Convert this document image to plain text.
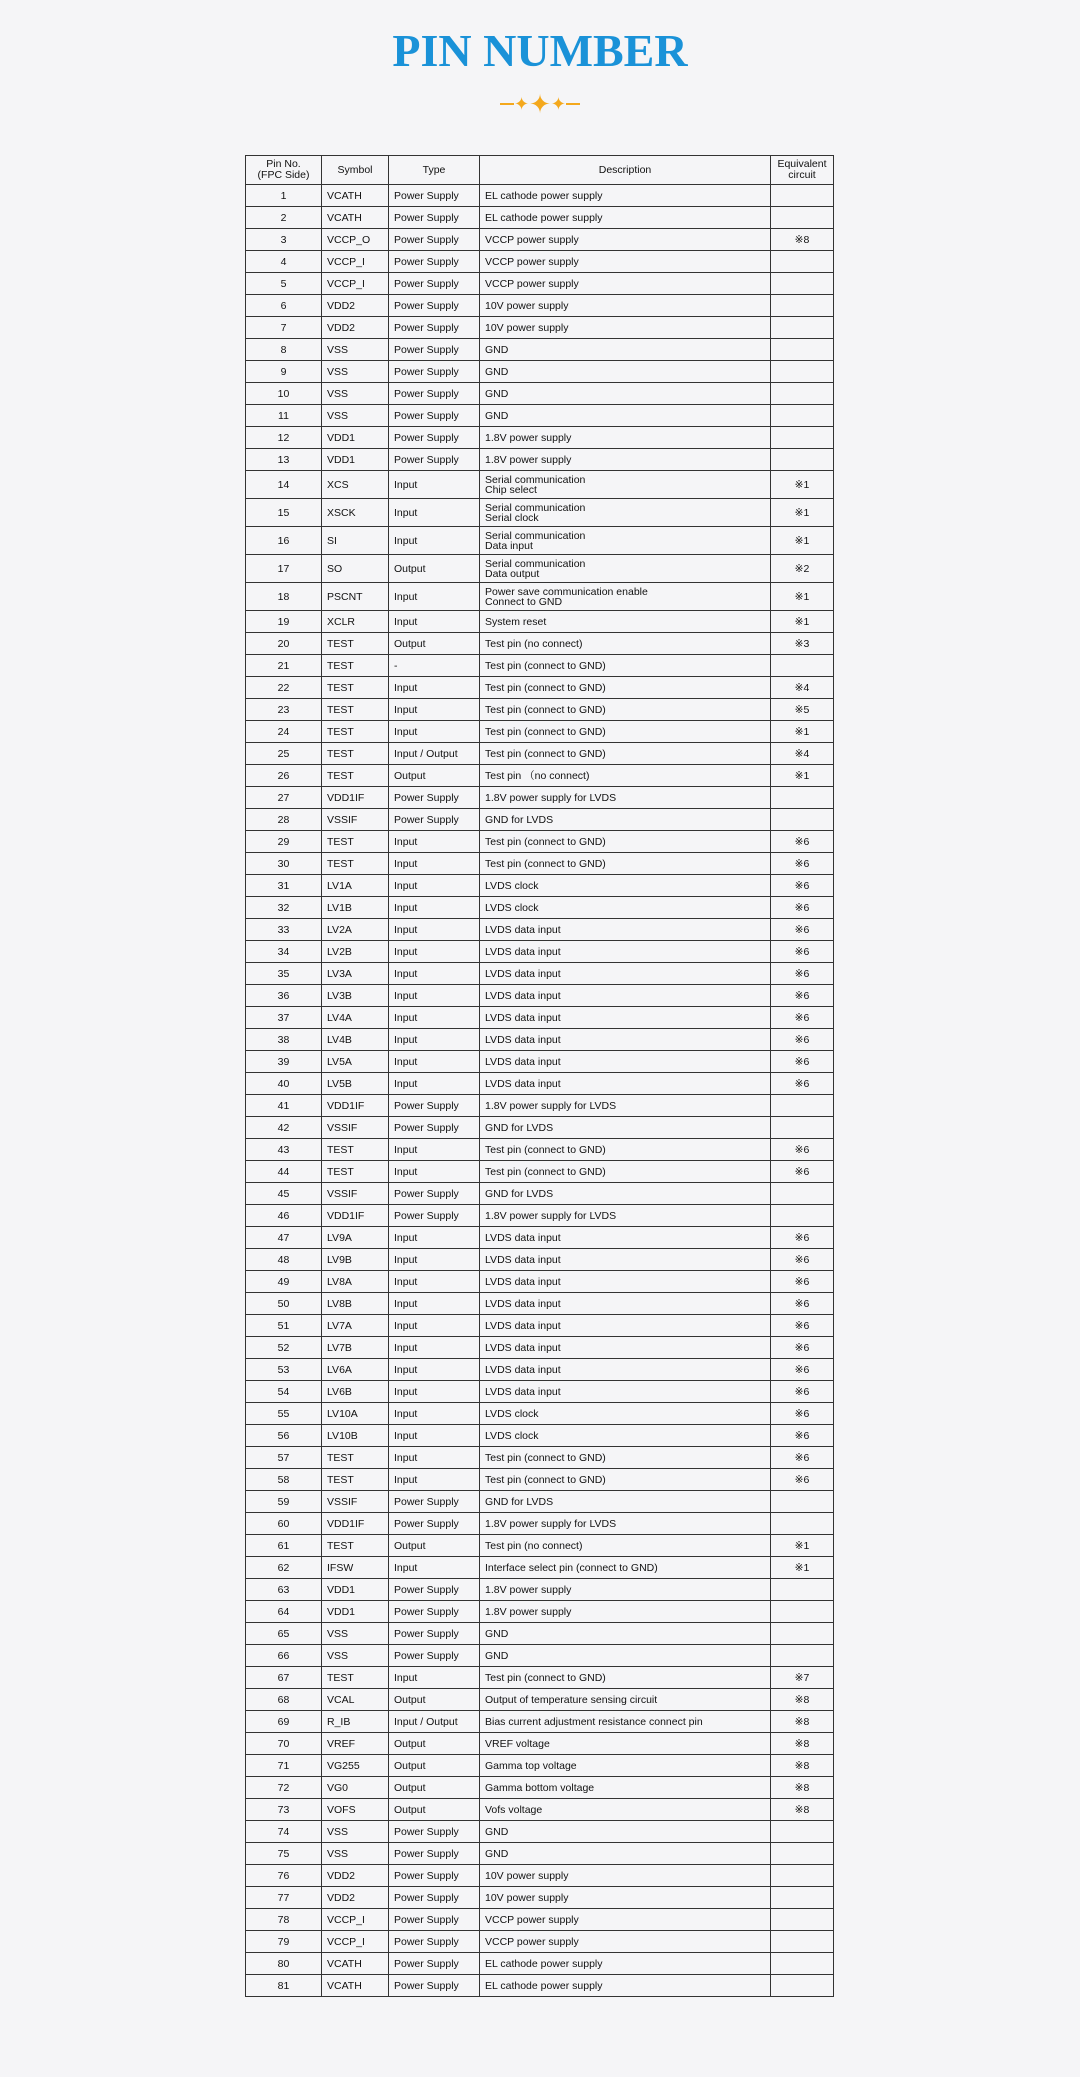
PIN NUMBER
✦ ✦ ✦
Pin No.
(FPC Side)	Symbol	Type	Description	Equivalent
circuit
1	VCATH	Power Supply	EL cathode power supply	
2	VCATH	Power Supply	EL cathode power supply	
3	VCCP_O	Power Supply	VCCP power supply	※8
4	VCCP_I	Power Supply	VCCP power supply	
5	VCCP_I	Power Supply	VCCP power supply	
6	VDD2	Power Supply	10V power supply	
7	VDD2	Power Supply	10V power supply	
8	VSS	Power Supply	GND	
9	VSS	Power Supply	GND	
10	VSS	Power Supply	GND	
11	VSS	Power Supply	GND	
12	VDD1	Power Supply	1.8V power supply	
13	VDD1	Power Supply	1.8V power supply	
14	XCS	Input	Serial communication
Chip select	※1
15	XSCK	Input	Serial communication
Serial clock	※1
16	SI	Input	Serial communication
Data input	※1
17	SO	Output	Serial communication
Data output	※2
18	PSCNT	Input	Power save communication enable
Connect to GND	※1
19	XCLR	Input	System reset	※1
20	TEST	Output	Test pin (no connect)	※3
21	TEST	-	Test pin (connect to GND)	
22	TEST	Input	Test pin (connect to GND)	※4
23	TEST	Input	Test pin (connect to GND)	※5
24	TEST	Input	Test pin (connect to GND)	※1
25	TEST	Input / Output	Test pin (connect to GND)	※4
26	TEST	Output	Test pin （no connect)	※1
27	VDD1IF	Power Supply	1.8V power supply for LVDS	
28	VSSIF	Power Supply	GND for LVDS	
29	TEST	Input	Test pin (connect to GND)	※6
30	TEST	Input	Test pin (connect to GND)	※6
31	LV1A	Input	LVDS clock	※6
32	LV1B	Input	LVDS clock	※6
33	LV2A	Input	LVDS data input	※6
34	LV2B	Input	LVDS data input	※6
35	LV3A	Input	LVDS data input	※6
36	LV3B	Input	LVDS data input	※6
37	LV4A	Input	LVDS data input	※6
38	LV4B	Input	LVDS data input	※6
39	LV5A	Input	LVDS data input	※6
40	LV5B	Input	LVDS data input	※6
41	VDD1IF	Power Supply	1.8V power supply for LVDS	
42	VSSIF	Power Supply	GND for LVDS	
43	TEST	Input	Test pin (connect to GND)	※6
44	TEST	Input	Test pin (connect to GND)	※6
45	VSSIF	Power Supply	GND for LVDS	
46	VDD1IF	Power Supply	1.8V power supply for LVDS	
47	LV9A	Input	LVDS data input	※6
48	LV9B	Input	LVDS data input	※6
49	LV8A	Input	LVDS data input	※6
50	LV8B	Input	LVDS data input	※6
51	LV7A	Input	LVDS data input	※6
52	LV7B	Input	LVDS data input	※6
53	LV6A	Input	LVDS data input	※6
54	LV6B	Input	LVDS data input	※6
55	LV10A	Input	LVDS clock	※6
56	LV10B	Input	LVDS clock	※6
57	TEST	Input	Test pin (connect to GND)	※6
58	TEST	Input	Test pin (connect to GND)	※6
59	VSSIF	Power Supply	GND for LVDS	
60	VDD1IF	Power Supply	1.8V power supply for LVDS	
61	TEST	Output	Test pin (no connect)	※1
62	IFSW	Input	Interface select pin (connect to GND)	※1
63	VDD1	Power Supply	1.8V power supply	
64	VDD1	Power Supply	1.8V power supply	
65	VSS	Power Supply	GND	
66	VSS	Power Supply	GND	
67	TEST	Input	Test pin (connect to GND)	※7
68	VCAL	Output	Output of temperature sensing circuit	※8
69	R_IB	Input / Output	Bias current adjustment resistance connect pin	※8
70	VREF	Output	VREF voltage	※8
71	VG255	Output	Gamma top voltage	※8
72	VG0	Output	Gamma bottom voltage	※8
73	VOFS	Output	Vofs voltage	※8
74	VSS	Power Supply	GND	
75	VSS	Power Supply	GND	
76	VDD2	Power Supply	10V power supply	
77	VDD2	Power Supply	10V power supply	
78	VCCP_I	Power Supply	VCCP power supply	
79	VCCP_I	Power Supply	VCCP power supply	
80	VCATH	Power Supply	EL cathode power supply	
81	VCATH	Power Supply	EL cathode power supply	
